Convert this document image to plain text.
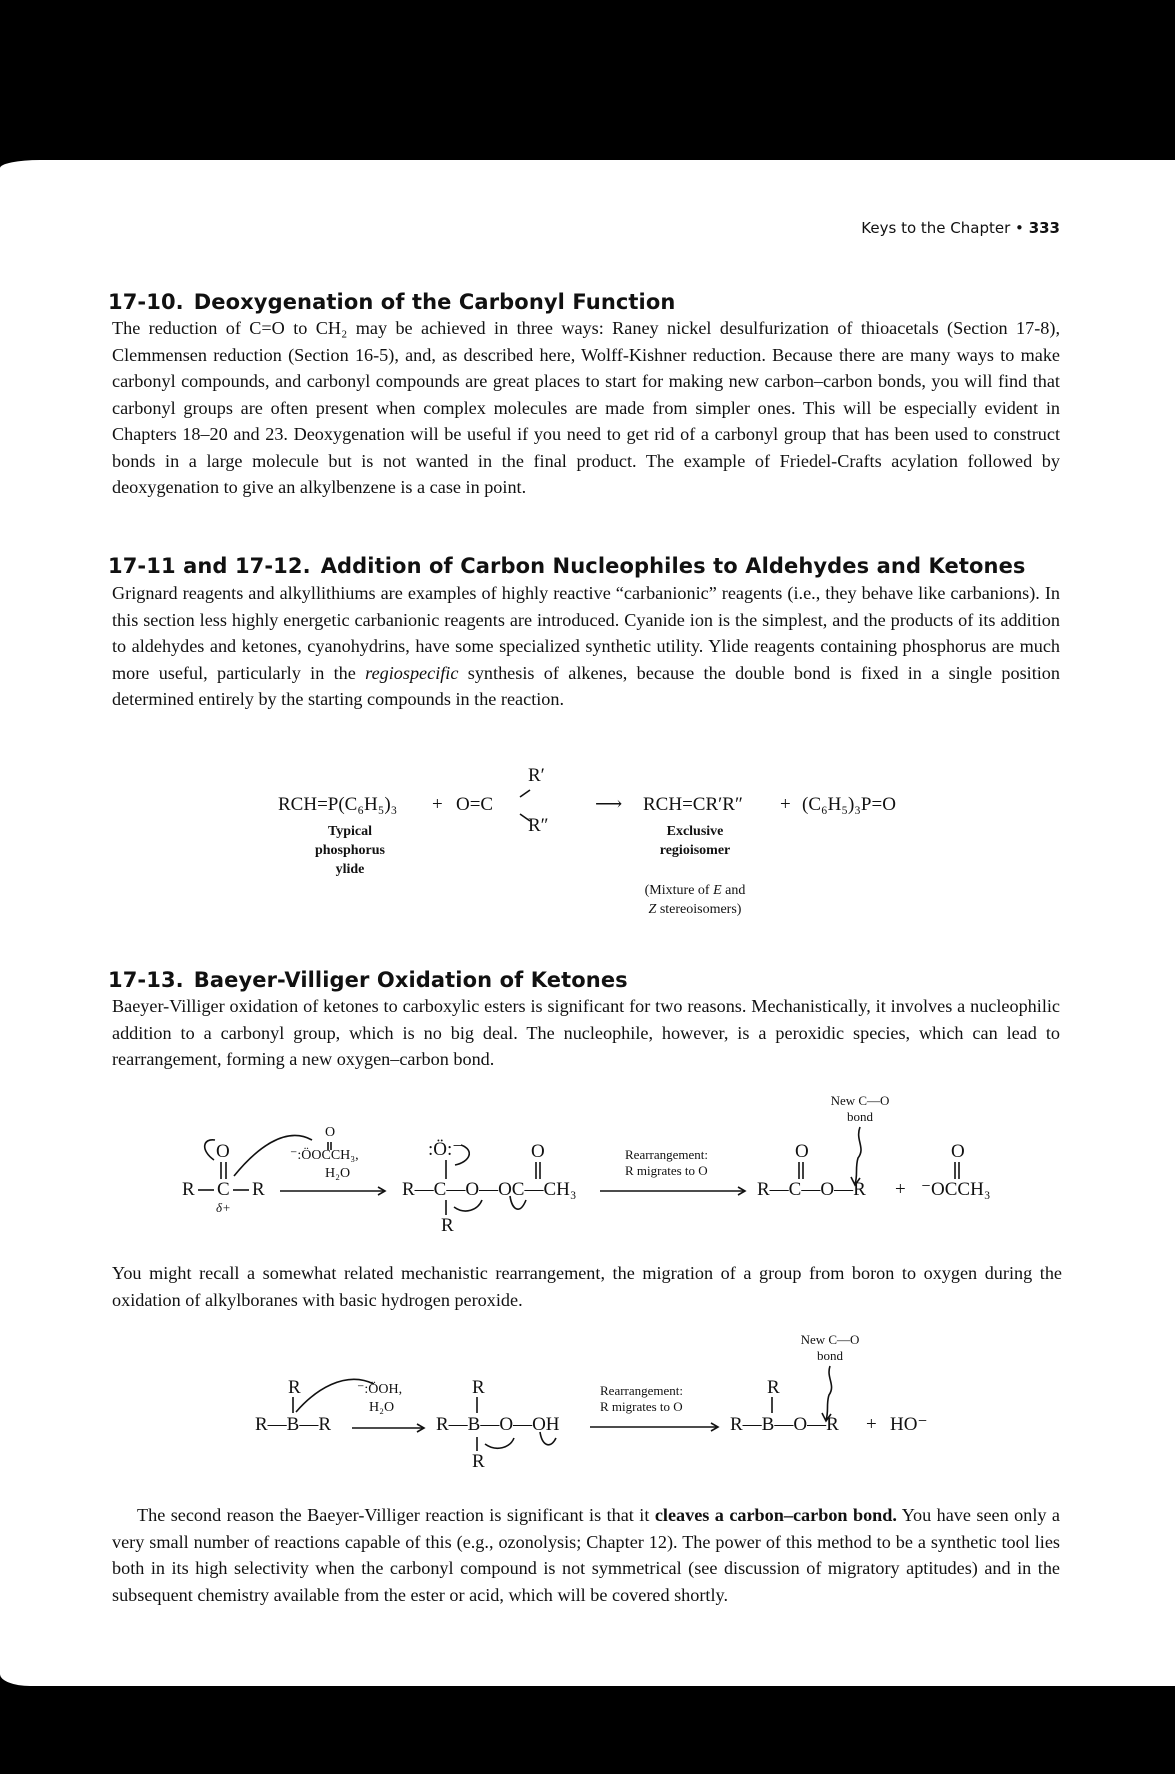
Keys to the Chapter • 333
17-10. Deoxygenation of the Carbonyl Function

The reduction of C=O to CH₂ may be achieved in three ways: Raney nickel desulfurization of thioacetals (Section 17-8), Clemmensen reduction (Section 16-5), and, as described here, Wolff-Kishner reduction. Because there are many ways to make carbonyl compounds, and carbonyl compounds are great places to start for making new carbon–carbon bonds, you will find that carbonyl groups are often present when complex molecules are made from simpler ones. This will be especially evident in Chapters 18–20 and 23. Deoxygenation will be useful if you need to get rid of a carbonyl group that has been used to construct bonds in a large molecule but is not wanted in the final product. The example of Friedel-Crafts acylation followed by deoxygenation to give an alkylbenzene is a case in point.

17-11 and 17-12. Addition of Carbon Nucleophiles to Aldehydes and Ketones

Grignard reagents and alkyllithiums are examples of highly reactive “carbanionic” reagents (i.e., they behave like carbanions). In this section less highly energetic carbanionic reagents are introduced. Cyanide ion is the simplest, and the products of its addition to aldehydes and ketones, cyanohydrins, have some specialized synthetic utility. Ylide reagents containing phosphorus are much more useful, particularly in the regiospecific synthesis of alkenes, because the double bond is fixed in a single position determined entirely by the starting compounds in the reaction.

RCH=P(C₆H₅)₃ + O=C
R′
R″
⟶ RCH=CR′R″ + (C₆H₅)₃P=O
Typical
phosphorus
ylide
Exclusive
regioisomer
(Mixture of E and
Z stereoisomers)
17-13. Baeyer-Villiger Oxidation of Ketones

Baeyer-Villiger oxidation of ketones to carboxylic esters is significant for two reasons. Mechanistically, it involves a nucleophilic addition to a carbonyl group, which is no big deal. The nucleophile, however, is a peroxidic species, which can lead to rearrangement, forming a new oxygen–carbon bond.

R C R
O
δ+
O
⁻:ÖOCCH₃,
H₂O
:Ö:⁻
R—C—O—OC—CH₃
R
O	Rearrangement:
R migrates to O
New C—O
bond
O
R—C—O—R +
O
⁻OCCH₃

You might recall a somewhat related mechanistic rearrangement, the migration of a group from boron to oxygen during the oxidation of alkylboranes with basic hydrogen peroxide.

R
R—B—R
⁻:ÖOH,
H₂O
R
R—B—O—OH
R
Rearrangement:
R migrates to O
New C—O
bond
R
R—B—O—R + HO⁻

The second reason the Baeyer-Villiger reaction is significant is that it cleaves a carbon–carbon bond. You have seen only a very small number of reactions capable of this (e.g., ozonolysis; Chapter 12). The power of this method to be a synthetic tool lies both in its high selectivity when the carbonyl compound is not symmetrical (see discussion of migratory aptitudes) and in the subsequent chemistry available from the ester or acid, which will be covered shortly.
